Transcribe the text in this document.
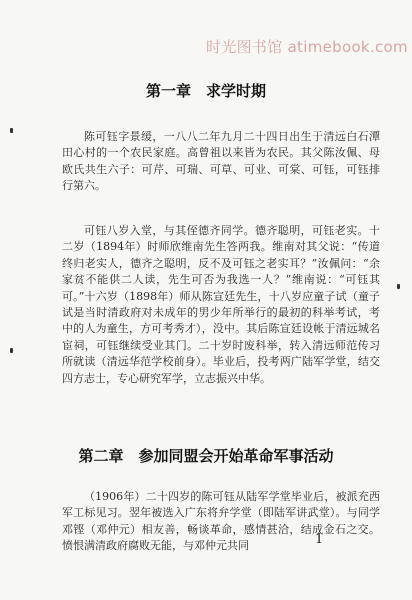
时光图书馆 atimebook.com
第一章　求学时期

陈可钰字景缓，一八八二年九月二十四日出生于清远白石潭田心村的一个农民家庭。高曾祖以来皆为农民。其父陈汝佩、母欧氏共生六子：可芹、可瑞、可草、可业、可棠、可钰，可钰排行第六。

可钰八岁入堂，与其侄德齐同学。德齐聪明，可钰老实。十二岁（1894年）时师欣维南先生答两我。维南对其父说：“传道终归老实人，德齐之聪明，反不及可钰之老实耳？”汝佩问：“余家贫不能供二人读，先生可否为我选一人？”维南说：“可钰其可。”十六岁（1898年）师从陈宣廷先生，十八岁应童子试（童子试是当时清政府对未成年的男少年所举行的最初的科举考试，考中的人为童生，方可考秀才），没中。其后陈宣廷设帐于清远城名宦祠，可钰继续受业其门。二十岁时废科举，转入清远师范传习所就读（清远华范学校前身）。毕业后，投考两广陆军学堂，结交四方志士，专心研究军学，立志振兴中华。

第二章　参加同盟会开始革命军事活动

（1906年）二十四岁的陈可钰从陆军学堂毕业后，被派充西军工标见习。翌年被选入广东将弁学堂（即陆军讲武堂）。与同学邓铿（邓仲元）相友善，畅谈革命，感情甚洽，结成金石之交。愤恨满清政府腐败无能，与邓仲元共同	1
